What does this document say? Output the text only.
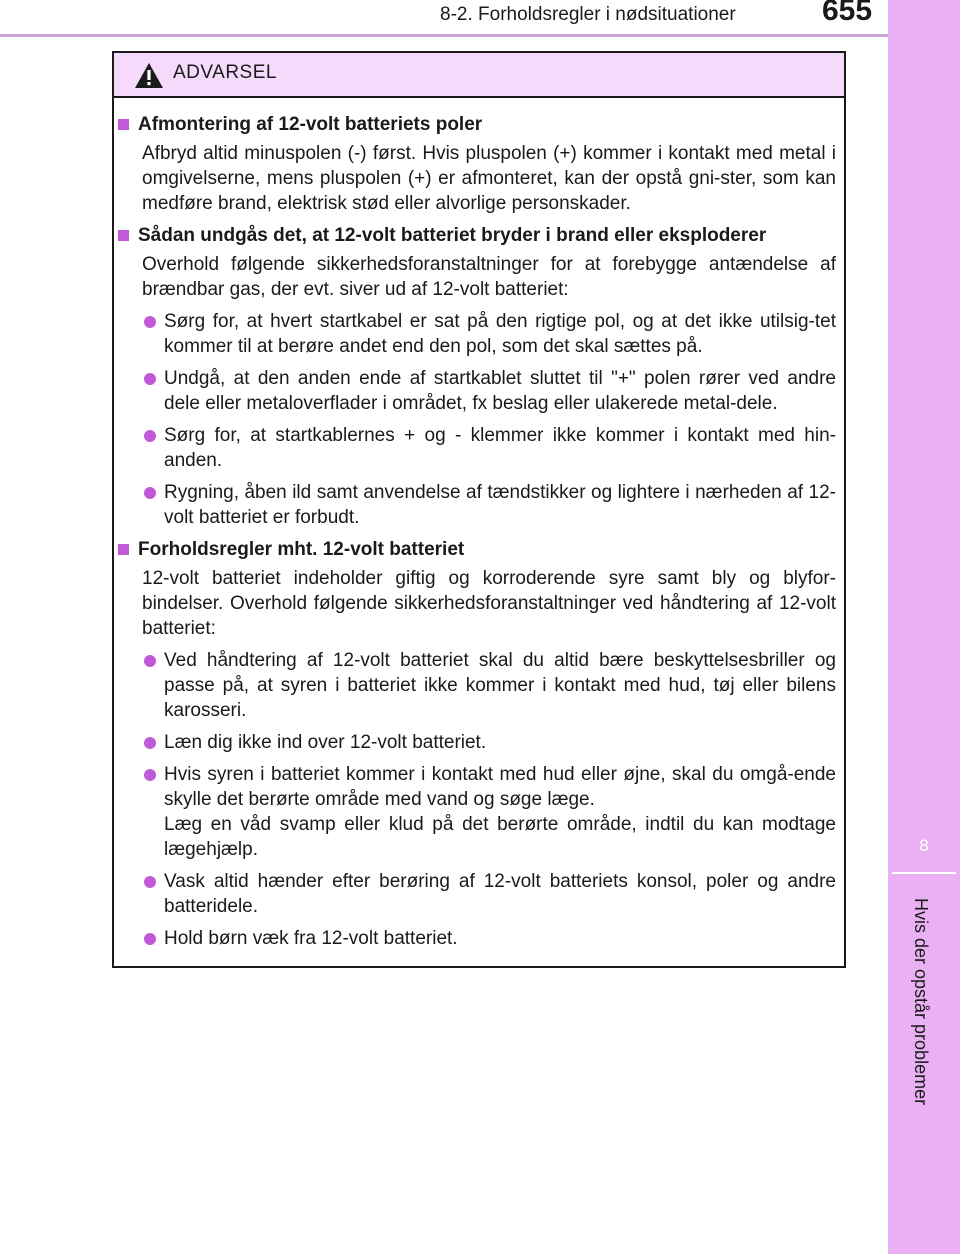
8-2. Forholdsregler i nødsituationer	655
8
Hvis der opstår problemer
ADVARSEL
Afmontering af 12-volt batteriets poler
Afbryd altid minuspolen (-) først. Hvis pluspolen (+) kommer i kontakt med metal i omgivelserne, mens pluspolen (+) er afmonteret, kan der opstå gni-ster, som kan medføre brand, elektrisk stød eller alvorlige personskader.
Sådan undgås det, at 12-volt batteriet bryder i brand eller eksploderer
Overhold følgende sikkerhedsforanstaltninger for at forebygge antændelse af brændbar gas, der evt. siver ud af 12-volt batteriet:
Sørg for, at hvert startkabel er sat på den rigtige pol, og at det ikke utilsig-tet kommer til at berøre andet end den pol, som det skal sættes på.
Undgå, at den anden ende af startkablet sluttet til "+" polen rører ved andre dele eller metaloverflader i området, fx beslag eller ulakerede metal-dele.
Sørg for, at startkablernes + og - klemmer ikke kommer i kontakt med hin-anden.
Rygning, åben ild samt anvendelse af tændstikker og lightere i nærheden af 12-volt batteriet er forbudt.
Forholdsregler mht. 12-volt batteriet
12-volt batteriet indeholder giftig og korroderende syre samt bly og blyfor-bindelser. Overhold følgende sikkerhedsforanstaltninger ved håndtering af 12-volt batteriet:
Ved håndtering af 12-volt batteriet skal du altid bære beskyttelsesbriller og passe på, at syren i batteriet ikke kommer i kontakt med hud, tøj eller bilens karosseri.
Læn dig ikke ind over 12-volt batteriet.
Hvis syren i batteriet kommer i kontakt med hud eller øjne, skal du omgå-ende skylle det berørte område med vand og søge læge.
Læg en våd svamp eller klud på det berørte område, indtil du kan modtage lægehjælp.
Vask altid hænder efter berøring af 12-volt batteriets konsol, poler og andre batteridele.
Hold børn væk fra 12-volt batteriet.
